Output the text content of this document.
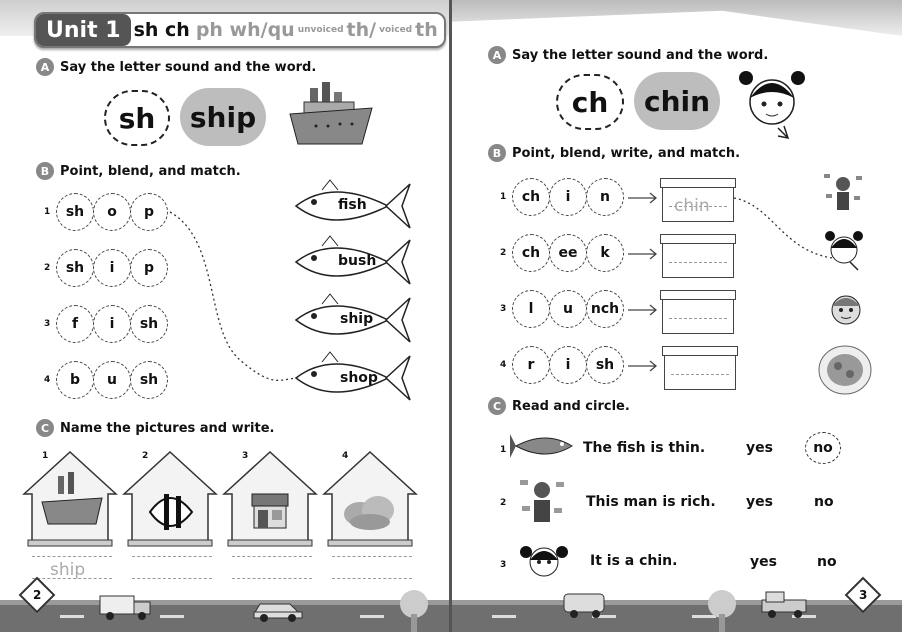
Unit 1 sh ch ph wh/qu unvoiced th/ voiced th
A Say the letter sound and the word.
sh	ship
B Point, blend, and match.
1	sh	o	p
2	sh	i	p
3	f	i	sh
4	b	u	sh
fish
bush
ship
shop
C Name the pictures and write.
1	2	3	4
ship
2
A Say the letter sound and the word.
ch	chin
B Point, blend, write, and match.
1	ch	i	n
2	ch	ee	k
3	l	u	nch
4	r	i	sh
chin
C Read and circle.
1	The fish is thin.	yes	no
2	This man is rich. yes	no
3	It is a chin.	yes	no
3
